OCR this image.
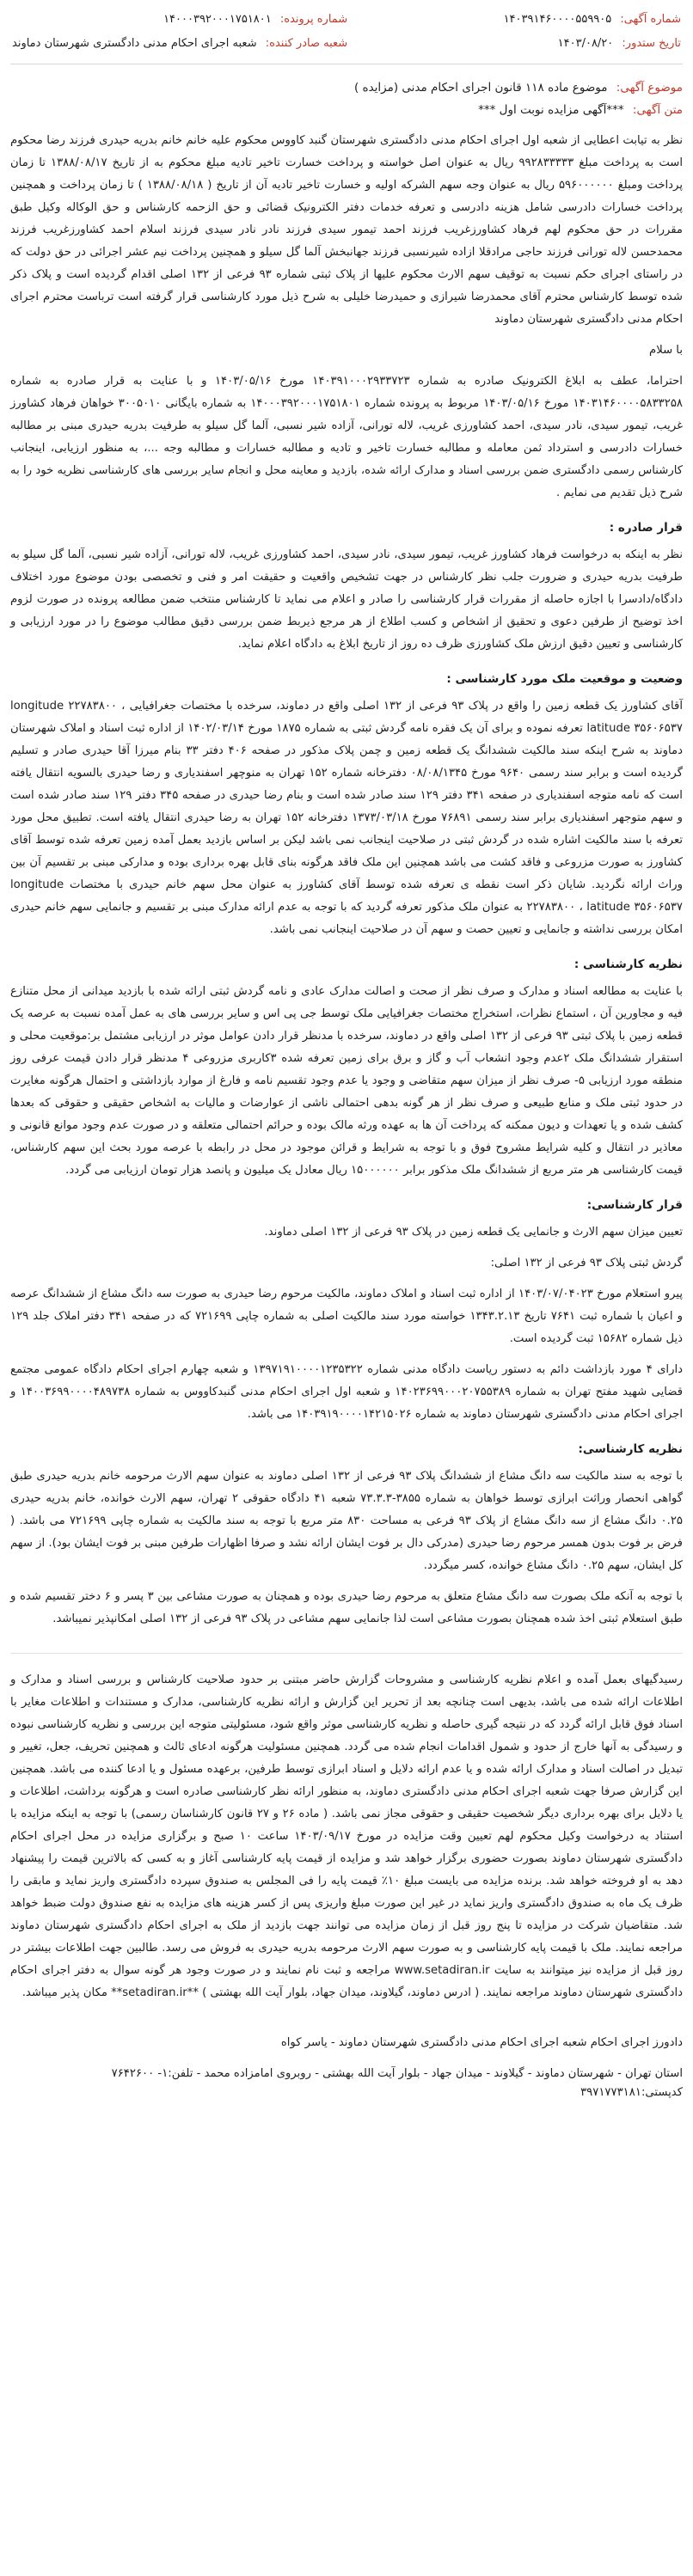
شماره آگهی: ۱۴۰۳۹۱۴۶۰۰۰۰۵۵۹۹۰۵
تاریخ ستدور: ۱۴۰۳/۰۸/۲۰
شماره پرونده: ۱۴۰۰۰۳۹۲۰۰۰۱۷۵۱۸۰۱
شعبه صادر کننده: شعبه اجرای احکام مدنی دادگستری شهرستان دماوند
موضوع آگهی: موضوع ماده ۱۱۸ قانون اجرای احکام مدنی (مزایده )
متن آگهی: ***آگهی مزایده نوبت اول ***

نظر به تیابت اعطایی از شعبه اول اجرای احکام مدنی دادگستری شهرستان گنبد کاووس محکوم علیه خانم خانم بدریه حیدری فرزند رضا محکوم است به پرداخت مبلغ ۹۹۲۸۳۳۳۳۳ ریال به عنوان اصل خواسته و پرداخت خسارت تاخیر تادیه مبلغ محکوم به از تاریخ ۱۳۸۸/۰۸/۱۷ تا زمان پرداخت ومبلغ ۵۹۶۰۰۰۰۰۰ ریال به عنوان وجه سهم الشرکه اولیه و خسارت تاخیر تادیه آن از تاریخ ( ۱۳۸۸/۰۸/۱۸ ) تا زمان پرداخت و همچنین پرداخت خسارات دادرسی شامل هزینه دادرسی و تعرفه خدمات دفتر الکترونیک قضائی و حق الزحمه کارشناس و حق الوکاله وکیل طبق مقررات در حق محکوم لهم فرهاد کشاورزغریب فرزند احمد تیمور سیدی فرزند نادر نادر سیدی فرزند اسلام احمد کشاورزغریب فرزند محمدحسن لاله تورانی فرزند حاجی مرادقلا ازاده شیرنسبی فرزند جهانبخش آلما گل سیلو و همچنین پرداخت نیم عشر اجرائی در حق دولت که در راستای اجرای حکم نسبت به توقیف سهم الارث محکوم علیها از پلاک ثبتی شماره ۹۳ فرعی از ۱۳۲ اصلی اقدام گردیده است و پلاک ذکر شده توسط کارشناس محترم آقای محمدرضا شیرازی و حمیدرضا خلیلی به شرح ذیل مورد کارشناسی قرار گرفته است ترباست محترم اجرای احکام مدنی دادگستری شهرستان دماوند

با سلام

احتراما، عطف به ابلاغ الکترونیک صادره به شماره ۱۴۰۳۹۱۰۰۰۲۹۳۳۷۲۳ مورخ ۱۴۰۳/۰۵/۱۶ و با عنایت به قرار صادره به شماره ۱۴۰۳۱۴۶۰۰۰۰۵۸۳۳۲۵۸ مورخ ۱۴۰۳/۰۵/۱۶ مربوط به پرونده شماره ۱۴۰۰۰۳۹۲۰۰۰۱۷۵۱۸۰۱ به شماره بایگانی ۳۰۰۵۰۱۰ خواهان فرهاد کشاورز غریب، تیمور سیدی، نادر سیدی، احمد کشاورزی غریب، لاله تورانی، آزاده شیر نسبی، آلما گل سیلو به طرفیت بدریه حیدری مبنی بر مطالبه خسارات دادرسی و استرداد ثمن معامله و مطالبه خسارت تاخیر و تادیه و مطالبه خسارات و مطالبه وجه ...، به منظور ارزیابی، اینجانب کارشناس رسمی دادگستری ضمن بررسی اسناد و مدارک ارائه شده، بازدید و معاینه محل و انجام سایر بررسی های کارشناسی نظریه خود را به شرح ذیل تقدیم می نمایم .

قرار صادره :

نظر به اینکه به درخواست فرهاد کشاورز غریب، تیمور سیدی، نادر سیدی، احمد کشاورزی غریب، لاله تورانی، آزاده شیر نسبی، آلما گل سیلو به طرفیت بدریه حیدری و ضرورت جلب نظر کارشناس در جهت تشخیص واقعیت و حقیقت امر و فنی و تخصصی بودن موضوع مورد اختلاف دادگاه/دادسرا با اجازه حاصله از مقررات قرار کارشناسی را صادر و اعلام می نماید تا کارشناس منتخب ضمن مطالعه پرونده در صورت لزوم اخذ توضیح از طرفین دعوی و تحقیق از اشخاص و کسب اطلاع از هر مرجع ذیربط ضمن بررسی دقیق مطالب موضوع را در مورد ارزیابی و کارشناسی و تعیین دقیق ارزش ملک کشاورزی ظرف ده روز از تاریخ ابلاغ به دادگاه اعلام نماید.

وضعیت و موقعیت ملک مورد کارشناسی :

آقای کشاورز یک قطعه زمین را واقع در پلاک ۹۳ فرعی از ۱۳۲ اصلی واقع در دماوند، سرخده با مختصات جغرافیایی longitude ۲۲۷۸۳۸۰۰ ، latitude ۳۵۶۰۶۵۳۷ تعرفه نموده و برای آن یک فقره نامه گردش ثبتی به شماره ۱۸۷۵ مورخ ۱۴۰۲/۰۳/۱۴ از اداره ثبت اسناد و املاک شهرستان دماوند به شرح اینکه سند مالکیت ششدانگ یک قطعه زمین و چمن پلاک مذکور در صفحه ۴۰۶ دفتر ۳۳ بنام میرزا آقا حیدری صادر و تسلیم گردیده است و برابر سند رسمی ۹۶۴۰ مورخ ۰۸/۰۸/۱۳۴۵ دفترخانه شماره ۱۵۲ تهران به منوچهر اسفندیاری و رضا حیدری بالسویه انتقال یافته است که نامه متوجه اسفندیاری در صفحه ۳۴۱ دفتر ۱۲۹ سند صادر شده است و بنام رضا حیدری در صفحه ۳۴۵ دفتر ۱۲۹ سند صادر شده است و سهم متوجهر اسفندیاری برابر سند رسمی ۷۶۸۹۱ مورخ ۱۳۷۳/۰۳/۱۸ دفترخانه ۱۵۲ تهران به رضا حیدری انتقال یافته است. تطبیق محل مورد تعرفه با سند مالکیت اشاره شده در گردش ثبتی در صلاحیت اینجانب نمی باشد لیکن بر اساس بازدید بعمل آمده زمین تعرفه شده توسط آقای کشاورز به صورت مزروعی و فاقد کشت می باشد همچنین این ملک فاقد هرگونه بنای قابل بهره برداری بوده و مدارکی مبنی بر تقسیم آن بین وراث ارائه نگردید. شایان ذکر است نقطه ی تعرفه شده توسط آقای کشاورز به عنوان محل سهم خانم حیدری با مختصات longitude ۲۲۷۸۳۸۰۰ ، latitude ۳۵۶۰۶۵۳۷ به عنوان ملک مذکور تعرفه گردید که با توجه به عدم ارائه مدارک مبنی بر تقسیم و جانمایی سهم خانم حیدری امکان بررسی نداشته و جانمایی و تعیین حصت و سهم آن در صلاحیت اینجانب نمی باشد.

نظریه کارشناسی :

با عنایت به مطالعه اسناد و مدارک و صرف نظر از صحت و اصالت مدارک عادی و نامه گردش ثبتی ارائه شده با بازدید میدانی از محل متنازع فیه و مجاورین آن ، استماع نظرات، استخراج مختصات جغرافیایی ملک توسط جی پی اس و سایر بررسی های به عمل آمده نسبت به عرصه یک قطعه زمین با پلاک ثبتی ۹۳ فرعی از ۱۳۲ اصلی واقع در دماوند، سرخده با مدنظر قرار دادن عوامل موثر در ارزیابی مشتمل بر:موقعیت محلی و استقرار ششدانگ ملک ۲عدم وجود انشعاب آب و گاز و برق برای زمین تعرفه شده ۳کاربری مزروعی ۴ مدنظر قرار دادن قیمت عرفی روز منطقه مورد ارزیابی ۵- صرف نظر از میزان سهم متقاضی و وجود یا عدم وجود تقسیم نامه و فارغ از موارد بازداشتی و احتمال هرگونه مغایرت در حدود ثبتی ملک و منابع طبیعی و صرف نظر از هر گونه بدهی احتمالی ناشی از عوارضات و مالیات به اشخاص حقیقی و حقوقی که بعدها کشف شده و یا تعهدات و دیون ممکنه که پرداخت آن ها به عهده ورثه مالک بوده و حرائم احتمالی متعلقه و در صورت عدم وجود موانع قانونی و معاذیر در انتقال و کلیه شرایط مشروح فوق و با توجه به شرایط و قرائن موجود در محل در رابطه با عرصه مورد بحث این سهم کارشناس، قیمت کارشناسی هر متر مربع از ششدانگ ملک مذکور برابر ۱۵۰۰۰۰۰۰ ریال معادل یک میلیون و پانصد هزار تومان ارزیابی می گردد.

قرار کارشناسی:

تعیین میزان سهم الارث و جانمایی یک قطعه زمین در پلاک ۹۳ فرعی از ۱۳۲ اصلی دماوند.

گردش ثبتی پلاک ۹۳ فرعی از ۱۳۲ اصلی:

پیرو استعلام مورخ ۱۴۰۳/۰۷/۰۴۰۲۳ از اداره ثبت اسناد و املاک دماوند، مالکیت مرحوم رضا حیدری به صورت سه دانگ مشاع از ششدانگ عرصه و اعیان با شماره ثبت ۷۶۴۱ تاریخ ۱۳۴۳.۲.۱۳ خواسته مورد سند مالکیت اصلی به شماره چاپی ۷۲۱۶۹۹ که در صفحه ۳۴۱ دفتر املاک جلد ۱۲۹ ذیل شماره ۱۵۶۸۲ ثبت گردیده است.

دارای ۴ مورد بازداشت دائم به دستور ریاست دادگاه مدنی شماره ۱۳۹۷۱۹۱۰۰۰۰۱۲۳۵۳۲۲ و شعبه چهارم اجرای احکام دادگاه عمومی مجتمع قضایی شهید مفتح تهران به شماره ۱۴۰۲۳۶۹۹۰۰۰۲۰۷۵۵۳۸۹ و شعبه اول اجرای احکام مدنی گنبدکاووس به شماره ۱۴۰۰۳۶۹۹۰۰۰۰۴۸۹۷۳۸ و اجرای احکام مدنی دادگستری شهرستان دماوند به شماره ۱۴۰۳۹۱۹۰۰۰۰۱۴۲۱۵۰۲۶ می باشد.

نظریه کارشناسی:

با توجه به سند مالکیت سه دانگ مشاع از ششدانگ پلاک ۹۳ فرعی از ۱۳۲ اصلی دماوند به عنوان سهم الارث مرحومه خانم بدریه حیدری طبق گواهی انحصار وراثت ابرازی توسط خواهان به شماره ۳۸۵۵-۷۳.۳.۳ شعبه ۴۱ دادگاه حقوقی ۲ تهران، سهم الارث خوانده، خانم بدریه حیدری ۰.۲۵ دانگ مشاع از سه دانگ مشاع از پلاک ۹۳ فرعی به مساحت ۸۳۰ متر مربع با توجه به سند مالکیت به شماره چاپی ۷۲۱۶۹۹ می باشد. ( فرض بر فوت بدون همسر مرحوم رضا حیدری (مدرکی دال بر فوت ایشان ارائه نشد و صرفا اظهارات طرفین مبنی بر فوت ایشان بود). از سهم کل ایشان، سهم ۰.۲۵ دانگ مشاع خوانده، کسر میگردد.

با توجه به آنکه ملک بصورت سه دانگ مشاع متعلق به مرحوم رضا حیدری بوده و همچنان به صورت مشاعی بین ۳ پسر و ۶ دختر تقسیم شده و طبق استعلام ثبتی اخذ شده همچنان بصورت مشاعی است لذا جانمایی سهم مشاعی در پلاک ۹۳ فرعی از ۱۳۲ اصلی امکانپذیر نمیباشد.

رسیدگیهای بعمل آمده و اعلام نظریه کارشناسی و مشروحات گزارش حاضر مبتنی بر حدود صلاحیت کارشناس و بررسی اسناد و مدارک و اطلاعات ارائه شده می باشد، بدیهی است چنانچه بعد از تحریر این گزارش و ارائه نظریه کارشناسی، مدارک و مستندات و اطلاعات مغایر با اسناد فوق قابل ارائه گردد که در نتیجه گیری حاصله و نظریه کارشناسی موثر واقع شود، مسئولیتی متوجه این بررسی و نظریه کارشناسی نبوده و رسیدگی به آنها خارج از حدود و شمول اقدامات انجام شده می گردد. همچنین مسئولیت هرگونه ادعای ثالث و همچنین تحریف، جعل، تغییر و تبدیل در اصالت اسناد و مدارک ارائه شده و یا عدم ارائه دلایل و اسناد ابرازی توسط طرفین، برعهده مسئول و یا ادعا کننده می باشد. همچنین این گزارش صرفا جهت شعبه اجرای احکام مدنی دادگستری دماوند، به منظور ارائه نظر کارشناسی صادره است و هرگونه برداشت، اطلاعات و یا دلایل برای بهره برداری دیگر شخصیت حقیقی و حقوقی مجاز نمی باشد. ( ماده ۲۶ و ۲۷ قانون کارشناسان رسمی) با توجه به اینکه مزایده با استناد به درخواست وکیل محکوم لهم تعیین وقت مزایده در مورخ ۱۴۰۳/۰۹/۱۷ ساعت ۱۰ صبح و برگزاری مزایده در محل اجرای احکام دادگستری شهرستان دماوند بصورت حضوری برگزار خواهد شد و مزایده از قیمت پایه کارشناسی آغاز و به کسی که بالاترین قیمت را پیشنهاد دهد به او فروخته خواهد شد. برنده مزایده می بایست مبلغ ۱۰٪ قیمت پایه را فی المجلس به صندوق سپرده دادگستری واریز نماید و مابقی را ظرف یک ماه به صندوق دادگستری واریز نماید در غیر این صورت مبلغ واریزی پس از کسر هزینه های مزایده به نفع صندوق دولت ضبط خواهد شد. متقاضیان شرکت در مزایده تا پنج روز قبل از زمان مزایده می توانند جهت بازدید از ملک به اجرای احکام دادگستری شهرستان دماوند مراجعه نمایند. ملک با قیمت پایه کارشناسی و به صورت سهم الارث مرحومه بدریه حیدری به فروش می رسد. طالبین جهت اطلاعات بیشتر در روز قبل از مزایده نیز میتوانند به سایت www.setadiran.ir مراجعه و ثبت نام نمایند و در صورت وجود هر گونه سوال به دفتر اجرای احکام دادگستری شهرستان دماوند مراجعه نمایند. ( ادرس دماوند، گیلاوند، میدان جهاد، بلوار آیت الله بهشتی ) **setadiran.ir** مکان پذیر میباشد.

دادورز اجرای احکام شعبه اجرای احکام مدنی دادگستری شهرستان دماوند - یاسر کواه
استان تهران - شهرستان دماوند - گیلاوند - میدان جهاد - بلوار آیت الله بهشتی - روبروی امامزاده محمد - تلفن:۱- ۷۶۴۲۶۰۰ کدپستی:۳۹۷۱۷۷۳۱۸۱
